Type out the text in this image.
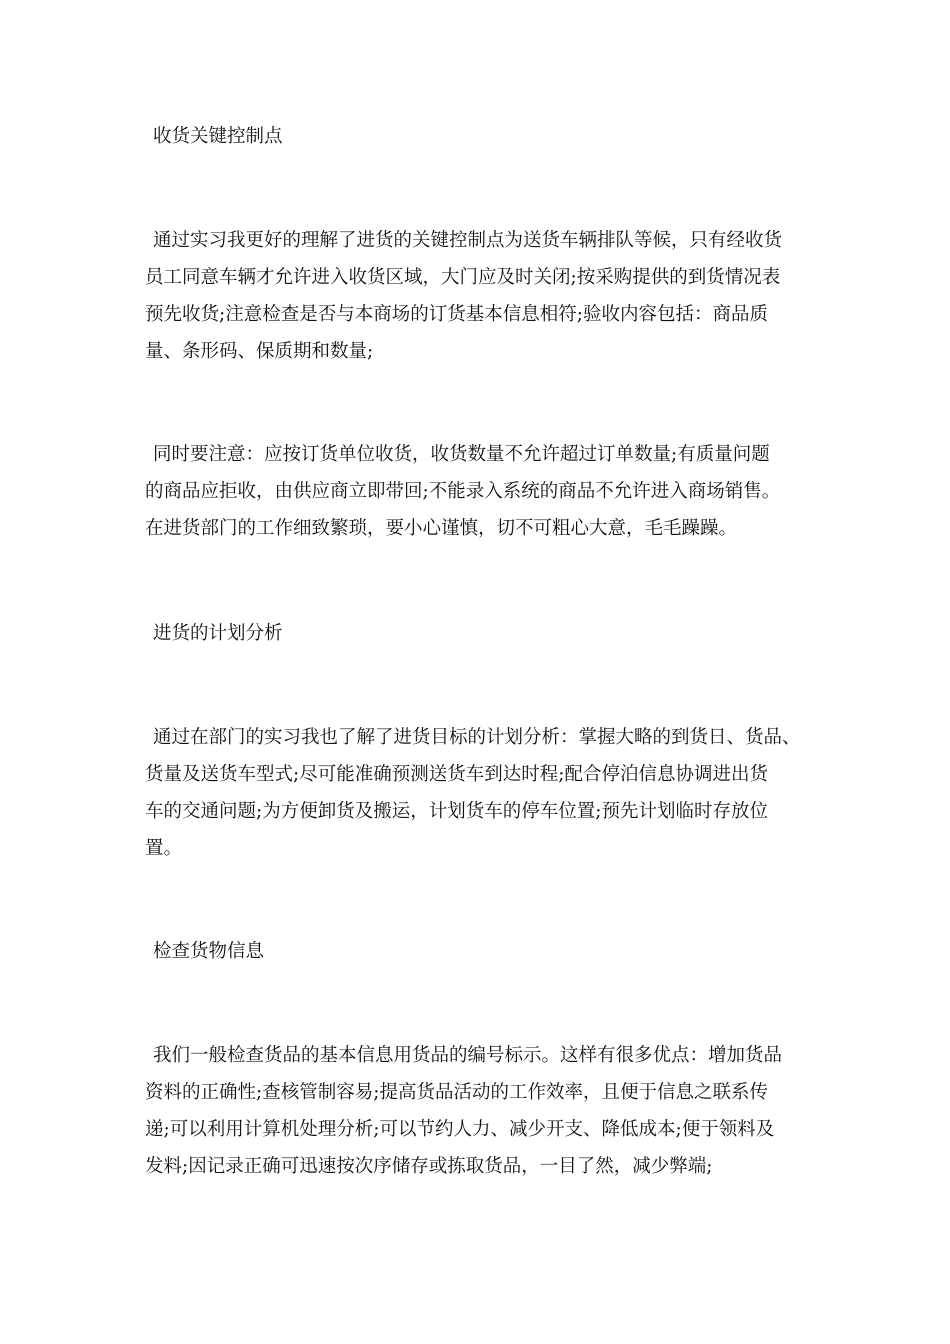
收货关键控制点
通过实习我更好的理解了进货的关键控制点为送货车辆排队等候，只有经收货
员工同意车辆才允许进入收货区域，大门应及时关闭;按采购提供的到货情况表
预先收货;注意检查是否与本商场的订货基本信息相符;验收内容包括：商品质
量、条形码、保质期和数量;
同时要注意：应按订货单位收货，收货数量不允许超过订单数量;有质量问题
的商品应拒收，由供应商立即带回;不能录入系统的商品不允许进入商场销售。
在进货部门的工作细致繁琐，要小心谨慎，切不可粗心大意，毛毛躁躁。
进货的计划分析
通过在部门的实习我也了解了进货目标的计划分析：掌握大略的到货日、货品、
货量及送货车型式;尽可能准确预测送货车到达时程;配合停泊信息协调进出货
车的交通问题;为方便卸货及搬运，计划货车的停车位置;预先计划临时存放位
置。
检查货物信息
我们一般检查货品的基本信息用货品的编号标示。这样有很多优点：增加货品
资料的正确性;查核管制容易;提高货品活动的工作效率，且便于信息之联系传
递;可以利用计算机处理分析;可以节约人力、减少开支、降低成本;便于领料及
发料;因记录正确可迅速按次序储存或拣取货品，一目了然，减少弊端;
